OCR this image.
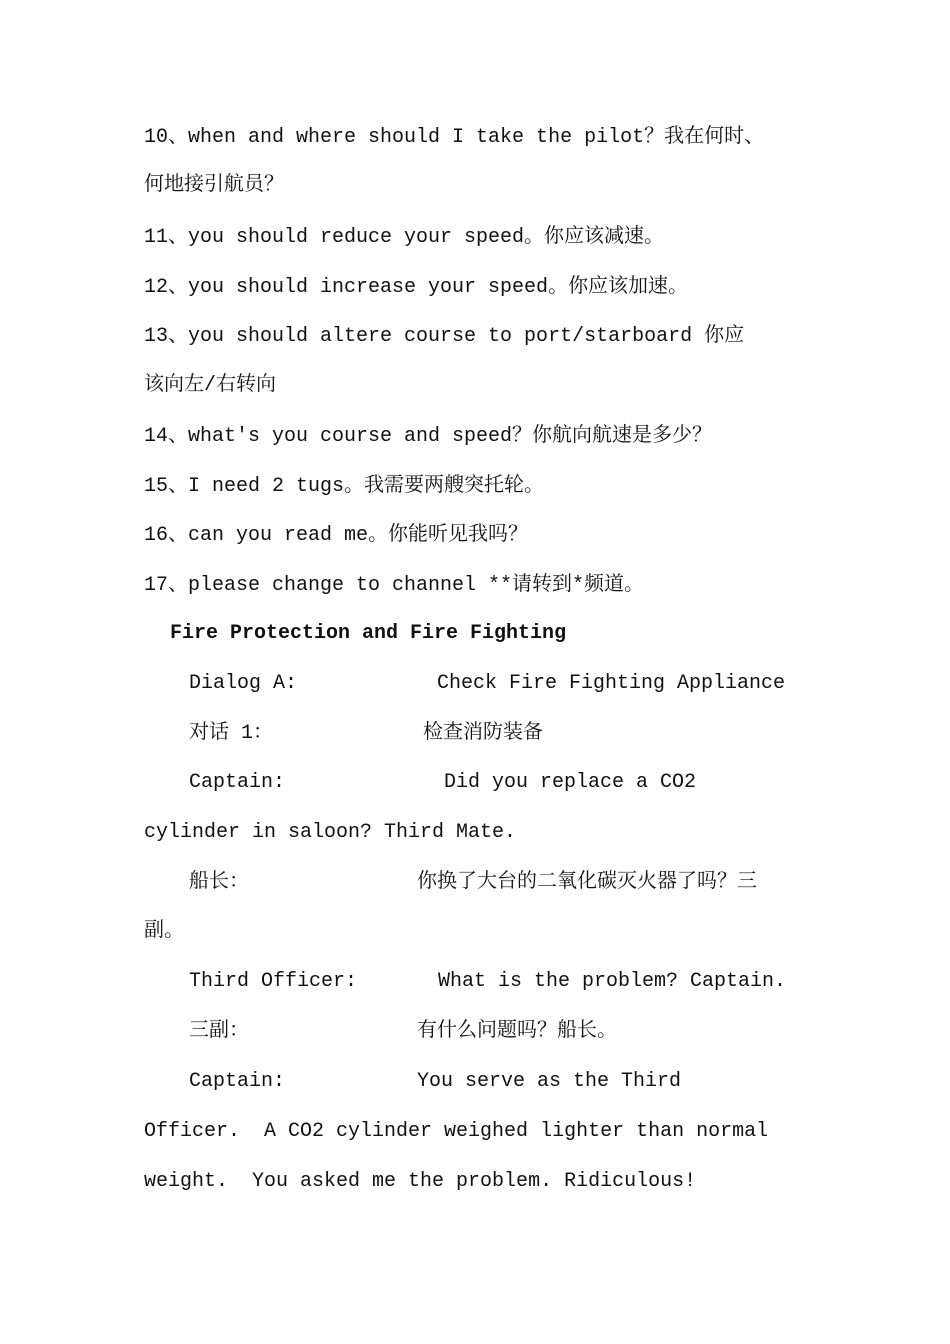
10、when and where should I take the pilot？我在何时、
何地接引航员？
11、you should reduce your speed。你应该减速。
12、you should increase your speed。你应该加速。
13、you should altere course to port/starboard 你应
该向左/右转向
14、what's you course and speed？你航向航速是多少？
15、I need 2 tugs。我需要两艘突托轮。
16、can you read me。你能听见我吗？
17、please change to channel **请转到*频道。
Fire Protection and Fire Fighting
Dialog A:	Check Fire Fighting Appliance
对话 1：	检查消防装备
Captain:	Did you replace a CO2
cylinder in saloon? Third Mate.
船长：	你换了大台的二氧化碳灭火器了吗？三
副。
Third Officer:	What is the problem? Captain.
三副：	有什么问题吗？船长。
Captain:	You serve as the Third
Officer.  A CO2 cylinder weighed lighter than normal
weight.  You asked me the problem. Ridiculous!
